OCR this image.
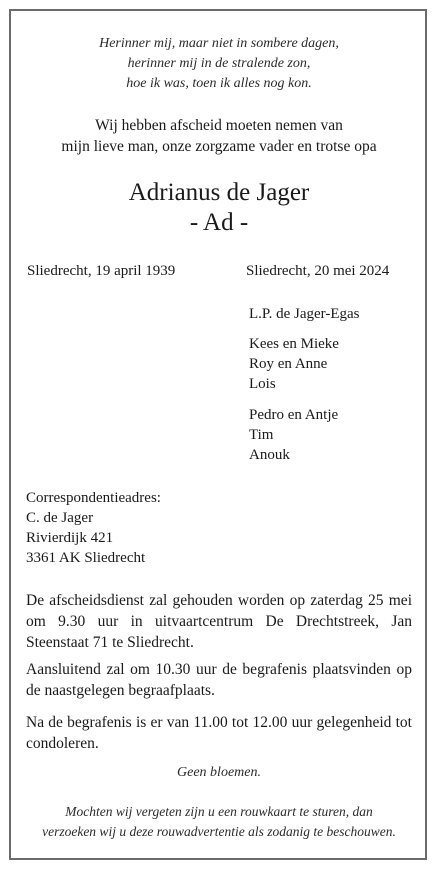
Herinner mij, maar niet in sombere dagen,
herinner mij in de stralende zon,
hoe ik was, toen ik alles nog kon.
Wij hebben afscheid moeten nemen van
mijn lieve man, onze zorgzame vader en trotse opa
Adrianus de Jager
- Ad -
Sliedrecht, 19 april 1939	Sliedrecht, 20 mei 2024
L.P. de Jager-Egas
Kees en Mieke
Roy en Anne
Lois
Pedro en Antje
Tim
Anouk
Correspondentieadres:
C. de Jager
Rivierdijk 421
3361 AK Sliedrecht
De afscheidsdienst zal gehouden worden op zaterdag 25 mei om 9.30 uur in uitvaartcentrum De Drechtstreek, Jan Steenstaat 71 te Sliedrecht.
Aansluitend zal om 10.30 uur de begrafenis plaatsvinden op de naastgelegen begraafplaats.
Na de begrafenis is er van 11.00 tot 12.00 uur gelegenheid tot condoleren.
Geen bloemen.
Mochten wij vergeten zijn u een rouwkaart te sturen, dan
verzoeken wij u deze rouwadvertentie als zodanig te beschouwen.
